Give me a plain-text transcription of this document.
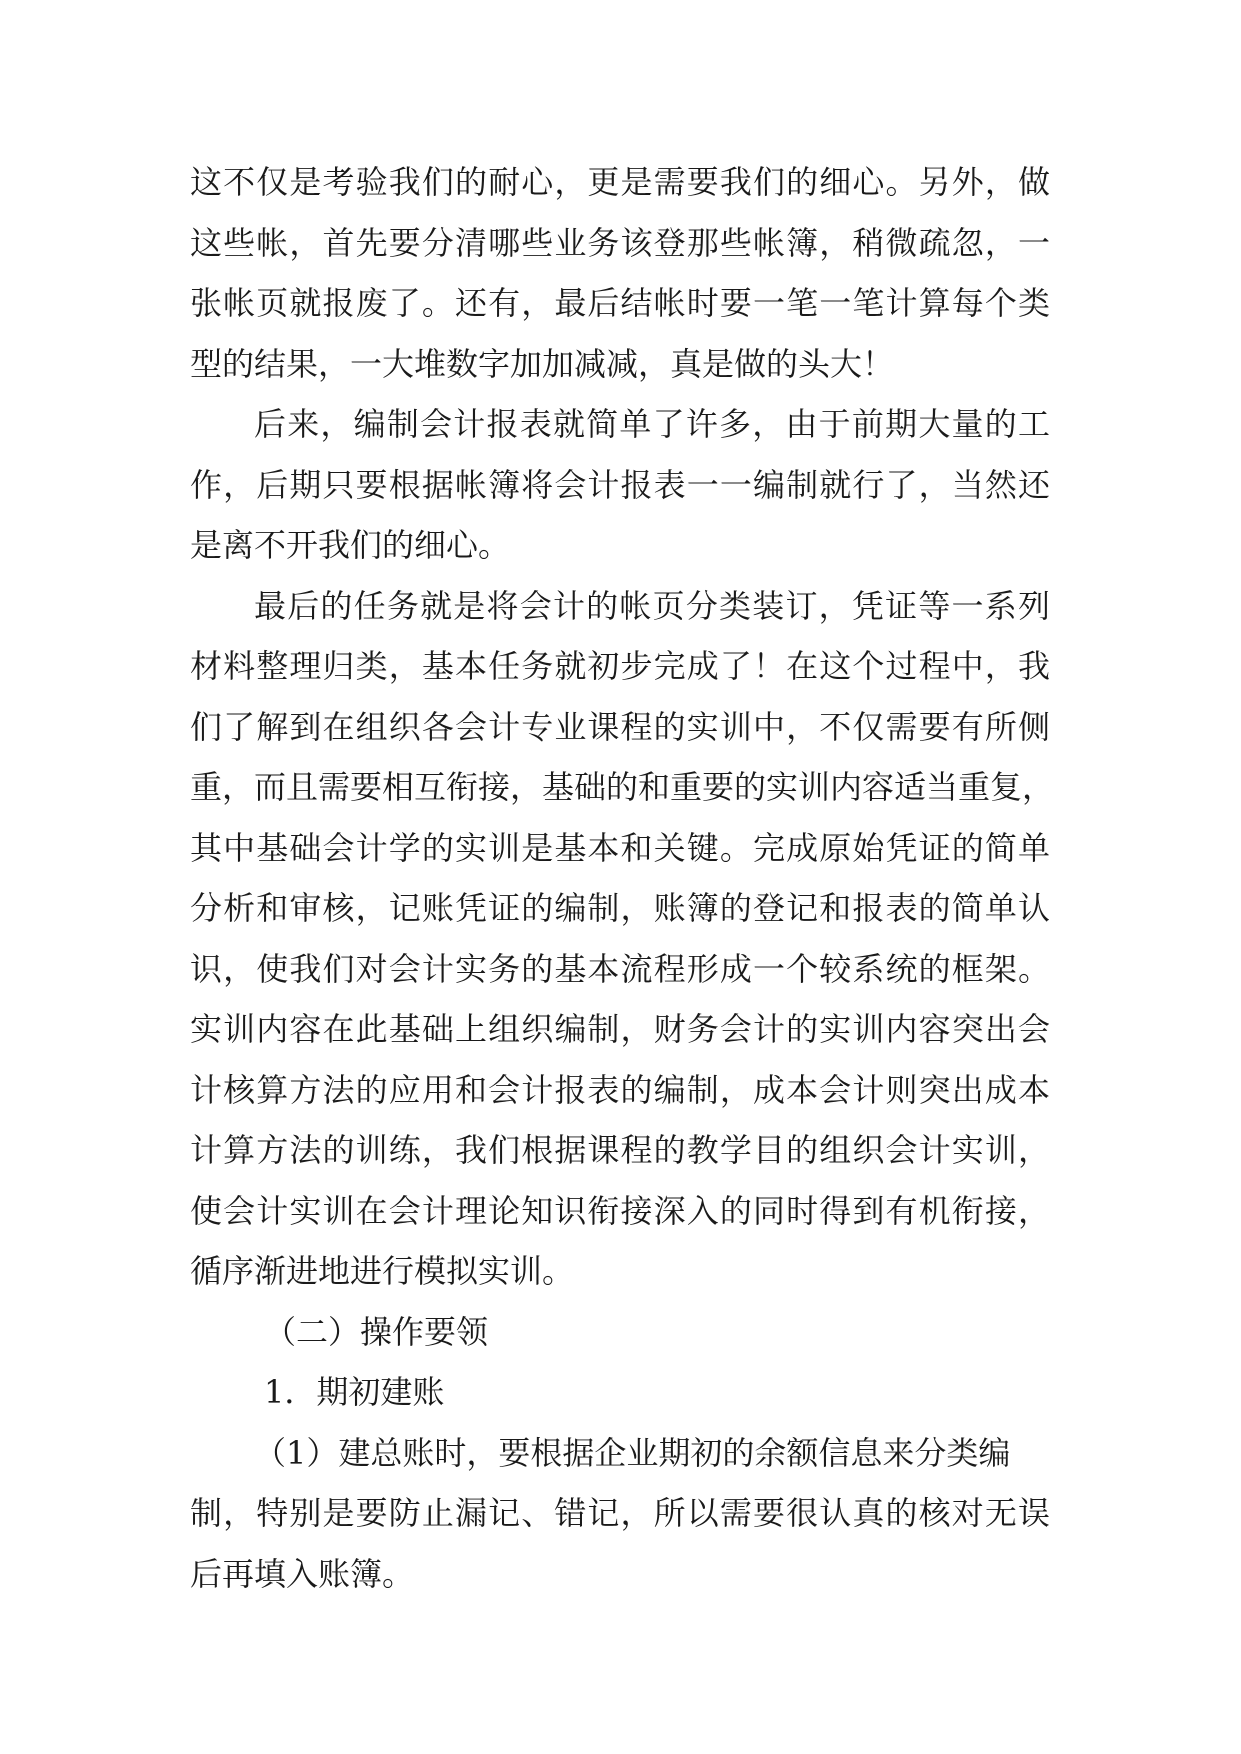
这不仅是考验我们的耐心，更是需要我们的细心。另外，做
这些帐，首先要分清哪些业务该登那些帐簿，稍微疏忽，一
张帐页就报废了。还有，最后结帐时要一笔一笔计算每个类
型的结果，一大堆数字加加减减，真是做的头大！
后来，编制会计报表就简单了许多，由于前期大量的工
作，后期只要根据帐簿将会计报表一一编制就行了，当然还
是离不开我们的细心。
最后的任务就是将会计的帐页分类装订，凭证等一系列
材料整理归类，基本任务就初步完成了！在这个过程中，我
们了解到在组织各会计专业课程的实训中，不仅需要有所侧
重，而且需要相互衔接，基础的和重要的实训内容适当重复，
其中基础会计学的实训是基本和关键。完成原始凭证的简单
分析和审核，记账凭证的编制，账簿的登记和报表的简单认
识，使我们对会计实务的基本流程形成一个较系统的框架。
实训内容在此基础上组织编制，财务会计的实训内容突出会
计核算方法的应用和会计报表的编制，成本会计则突出成本
计算方法的训练，我们根据课程的教学目的组织会计实训，
使会计实训在会计理论知识衔接深入的同时得到有机衔接，
循序渐进地进行模拟实训。
（二）操作要领
1．期初建账
（1）建总账时，要根据企业期初的余额信息来分类编
制，特别是要防止漏记、错记，所以需要很认真的核对无误
后再填入账簿。
